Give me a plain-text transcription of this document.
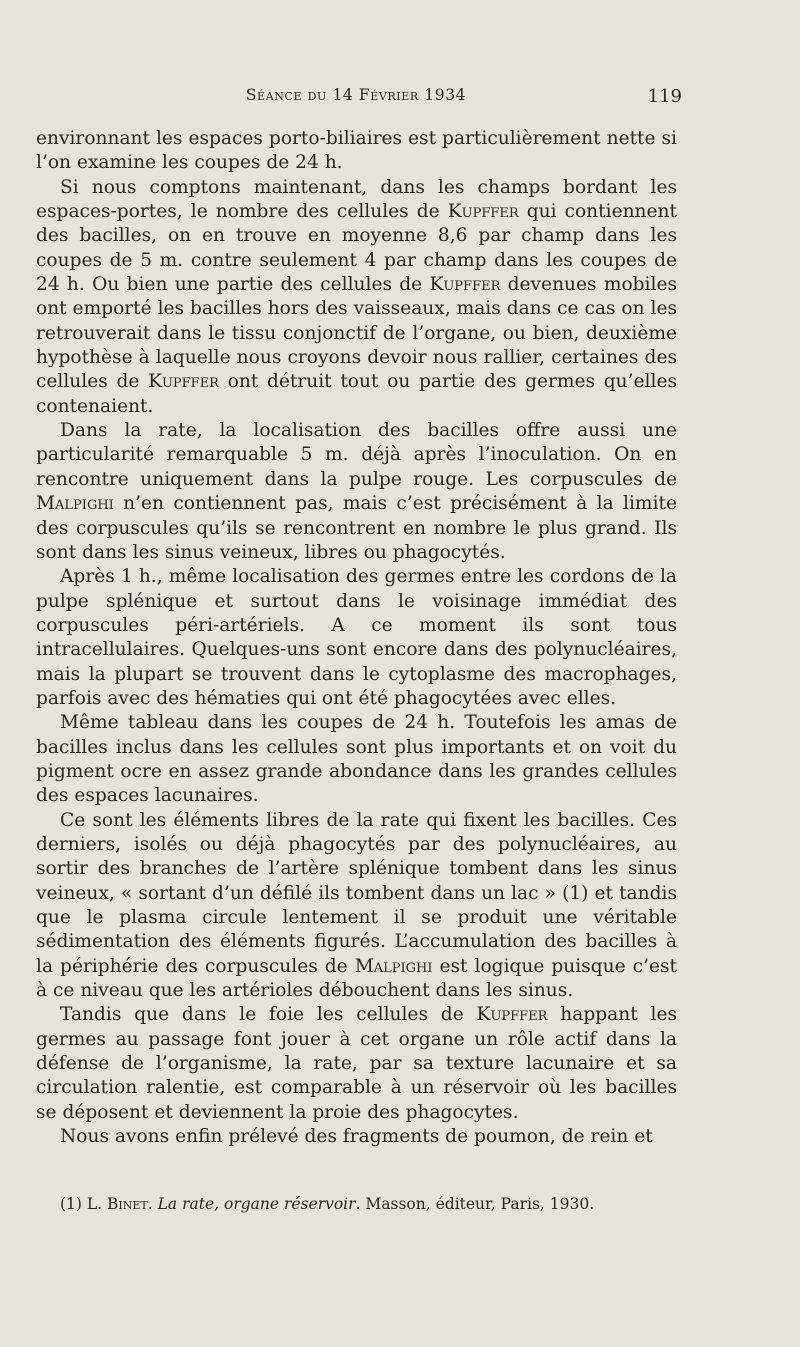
Séance du 14 Février 1934	119

environnant les espaces porto-biliaires est particulièrement nette si l’on examine les coupes de 24 h.

Si nous comptons maintenant, dans les champs bordant les espaces-portes, le nombre des cellules de Kupffer qui contiennent des bacilles, on en trouve en moyenne 8,6 par champ dans les coupes de 5 m. contre seulement 4 par champ dans les coupes de 24 h. Ou bien une partie des cellules de Kupffer devenues mobiles ont emporté les bacilles hors des vaisseaux, mais dans ce cas on les retrouverait dans le tissu conjonctif de l’organe, ou bien, deuxième hypothèse à laquelle nous croyons devoir nous rallier, certaines des cellules de Kupffer ont détruit tout ou partie des germes qu’elles contenaient.

Dans la rate, la localisation des bacilles offre aussi une particularité remarquable 5 m. déjà après l’inoculation. On en rencontre uniquement dans la pulpe rouge. Les corpuscules de Malpighi n’en contiennent pas, mais c’est précisément à la limite des corpuscules qu’ils se rencontrent en nombre le plus grand. Ils sont dans les sinus veineux, libres ou phagocytés.

Après 1 h., même localisation des germes entre les cordons de la pulpe splénique et surtout dans le voisinage immédiat des corpuscules péri-artériels. A ce moment ils sont tous intracellulaires. Quelques-uns sont encore dans des polynucléaires, mais la plupart se trouvent dans le cytoplasme des macrophages, parfois avec des hématies qui ont été phagocytées avec elles.

Même tableau dans les coupes de 24 h. Toutefois les amas de bacilles inclus dans les cellules sont plus importants et on voit du pigment ocre en assez grande abondance dans les grandes cellules des espaces lacunaires.

Ce sont les éléments libres de la rate qui fixent les bacilles. Ces derniers, isolés ou déjà phagocytés par des polynucléaires, au sortir des branches de l’artère splénique tombent dans les sinus veineux, « sortant d’un défilé ils tombent dans un lac » (1) et tandis que le plasma circule lentement il se produit une véritable sédimentation des éléments figurés. L’accumulation des bacilles à la périphérie des corpuscules de Malpighi est logique puisque c’est à ce niveau que les artérioles débouchent dans les sinus.

Tandis que dans le foie les cellules de Kupffer happant les germes au passage font jouer à cet organe un rôle actif dans la défense de l’organisme, la rate, par sa texture lacunaire et sa circulation ralentie, est comparable à un réservoir où les bacilles se déposent et deviennent la proie des phagocytes.

Nous avons enfin prélevé des fragments de poumon, de rein et

(1) L. Binet. La rate, organe réservoir. Masson, éditeur, Paris, 1930.
